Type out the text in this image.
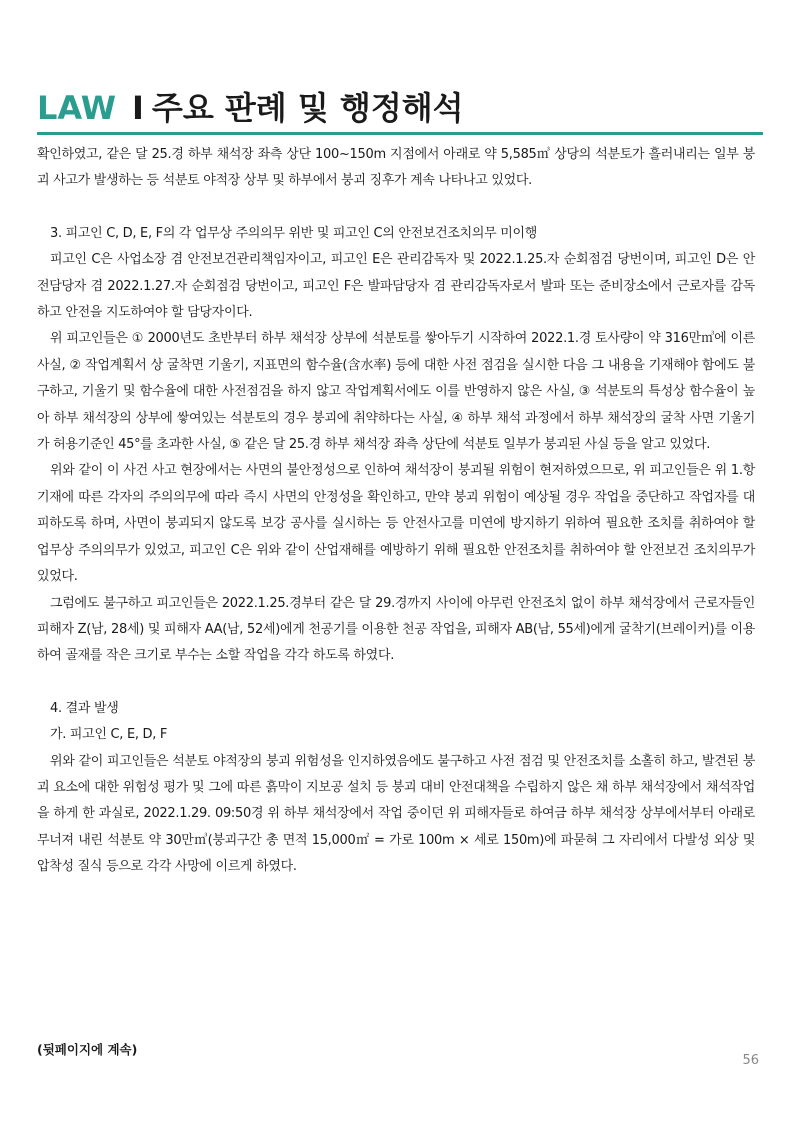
LAW I 주요 판례 및 행정해석

확인하였고, 같은 달 25.경 하부 채석장 좌측 상단 100~150m 지점에서 아래로 약 5,585㎥ 상당의 석분토가 흘러내리는 일부 붕괴 사고가 발생하는 등 석분토 야적장 상부 및 하부에서 붕괴 징후가 계속 나타나고 있었다.

3. 피고인 C, D, E, F의 각 업무상 주의의무 위반 및 피고인 C의 안전보건조치의무 미이행

피고인 C은 사업소장 겸 안전보건관리책임자이고, 피고인 E은 관리감독자 및 2022.1.25.자 순회점검 당번이며, 피고인 D은 안전담당자 겸 2022.1.27.자 순회점검 당번이고, 피고인 F은 발파담당자 겸 관리감독자로서 발파 또는 준비장소에서 근로자를 감독하고 안전을 지도하여야 할 담당자이다.

위 피고인들은 ① 2000년도 초반부터 하부 채석장 상부에 석분토를 쌓아두기 시작하여 2022.1.경 토사량이 약 316만㎥에 이른 사실, ② 작업계획서 상 굴착면 기울기, 지표면의 함수율(含水率) 등에 대한 사전 점검을 실시한 다음 그 내용을 기재해야 함에도 불구하고, 기울기 및 함수율에 대한 사전점검을 하지 않고 작업계획서에도 이를 반영하지 않은 사실, ③ 석분토의 특성상 함수율이 높아 하부 채석장의 상부에 쌓여있는 석분토의 경우 붕괴에 취약하다는 사실, ④ 하부 채석 과정에서 하부 채석장의 굴착 사면 기울기가 허용기준인 45°를 초과한 사실, ⑤ 같은 달 25.경 하부 채석장 좌측 상단에 석분토 일부가 붕괴된 사실 등을 알고 있었다.

위와 같이 이 사건 사고 현장에서는 사면의 불안정성으로 인하여 채석장이 붕괴될 위험이 현저하였으므로, 위 피고인들은 위 1.항 기재에 따른 각자의 주의의무에 따라 즉시 사면의 안정성을 확인하고, 만약 붕괴 위험이 예상될 경우 작업을 중단하고 작업자를 대피하도록 하며, 사면이 붕괴되지 않도록 보강 공사를 실시하는 등 안전사고를 미연에 방지하기 위하여 필요한 조치를 취하여야 할 업무상 주의의무가 있었고, 피고인 C은 위와 같이 산업재해를 예방하기 위해 필요한 안전조치를 취하여야 할 안전보건 조치의무가 있었다.

그럼에도 불구하고 피고인들은 2022.1.25.경부터 같은 달 29.경까지 사이에 아무런 안전조치 없이 하부 채석장에서 근로자들인 피해자 Z(남, 28세) 및 피해자 AA(남, 52세)에게 천공기를 이용한 천공 작업을, 피해자 AB(남, 55세)에게 굴착기(브레이커)를 이용하여 골재를 작은 크기로 부수는 소할 작업을 각각 하도록 하였다.

4. 결과 발생

가. 피고인 C, E, D, F

위와 같이 피고인들은 석분토 야적장의 붕괴 위험성을 인지하였음에도 불구하고 사전 점검 및 안전조치를 소홀히 하고, 발견된 붕괴 요소에 대한 위험성 평가 및 그에 따른 흙막이 지보공 설치 등 붕괴 대비 안전대책을 수립하지 않은 채 하부 채석장에서 채석작업을 하게 한 과실로, 2022.1.29. 09:50경 위 하부 채석장에서 작업 중이던 위 피해자들로 하여금 하부 채석장 상부에서부터 아래로 무너져 내린 석분토 약 30만㎥(붕괴구간 총 면적 15,000㎡ = 가로 100m × 세로 150m)에 파묻혀 그 자리에서 다발성 외상 및 압착성 질식 등으로 각각 사망에 이르게 하였다.

(뒷페이지에 계속)
56
